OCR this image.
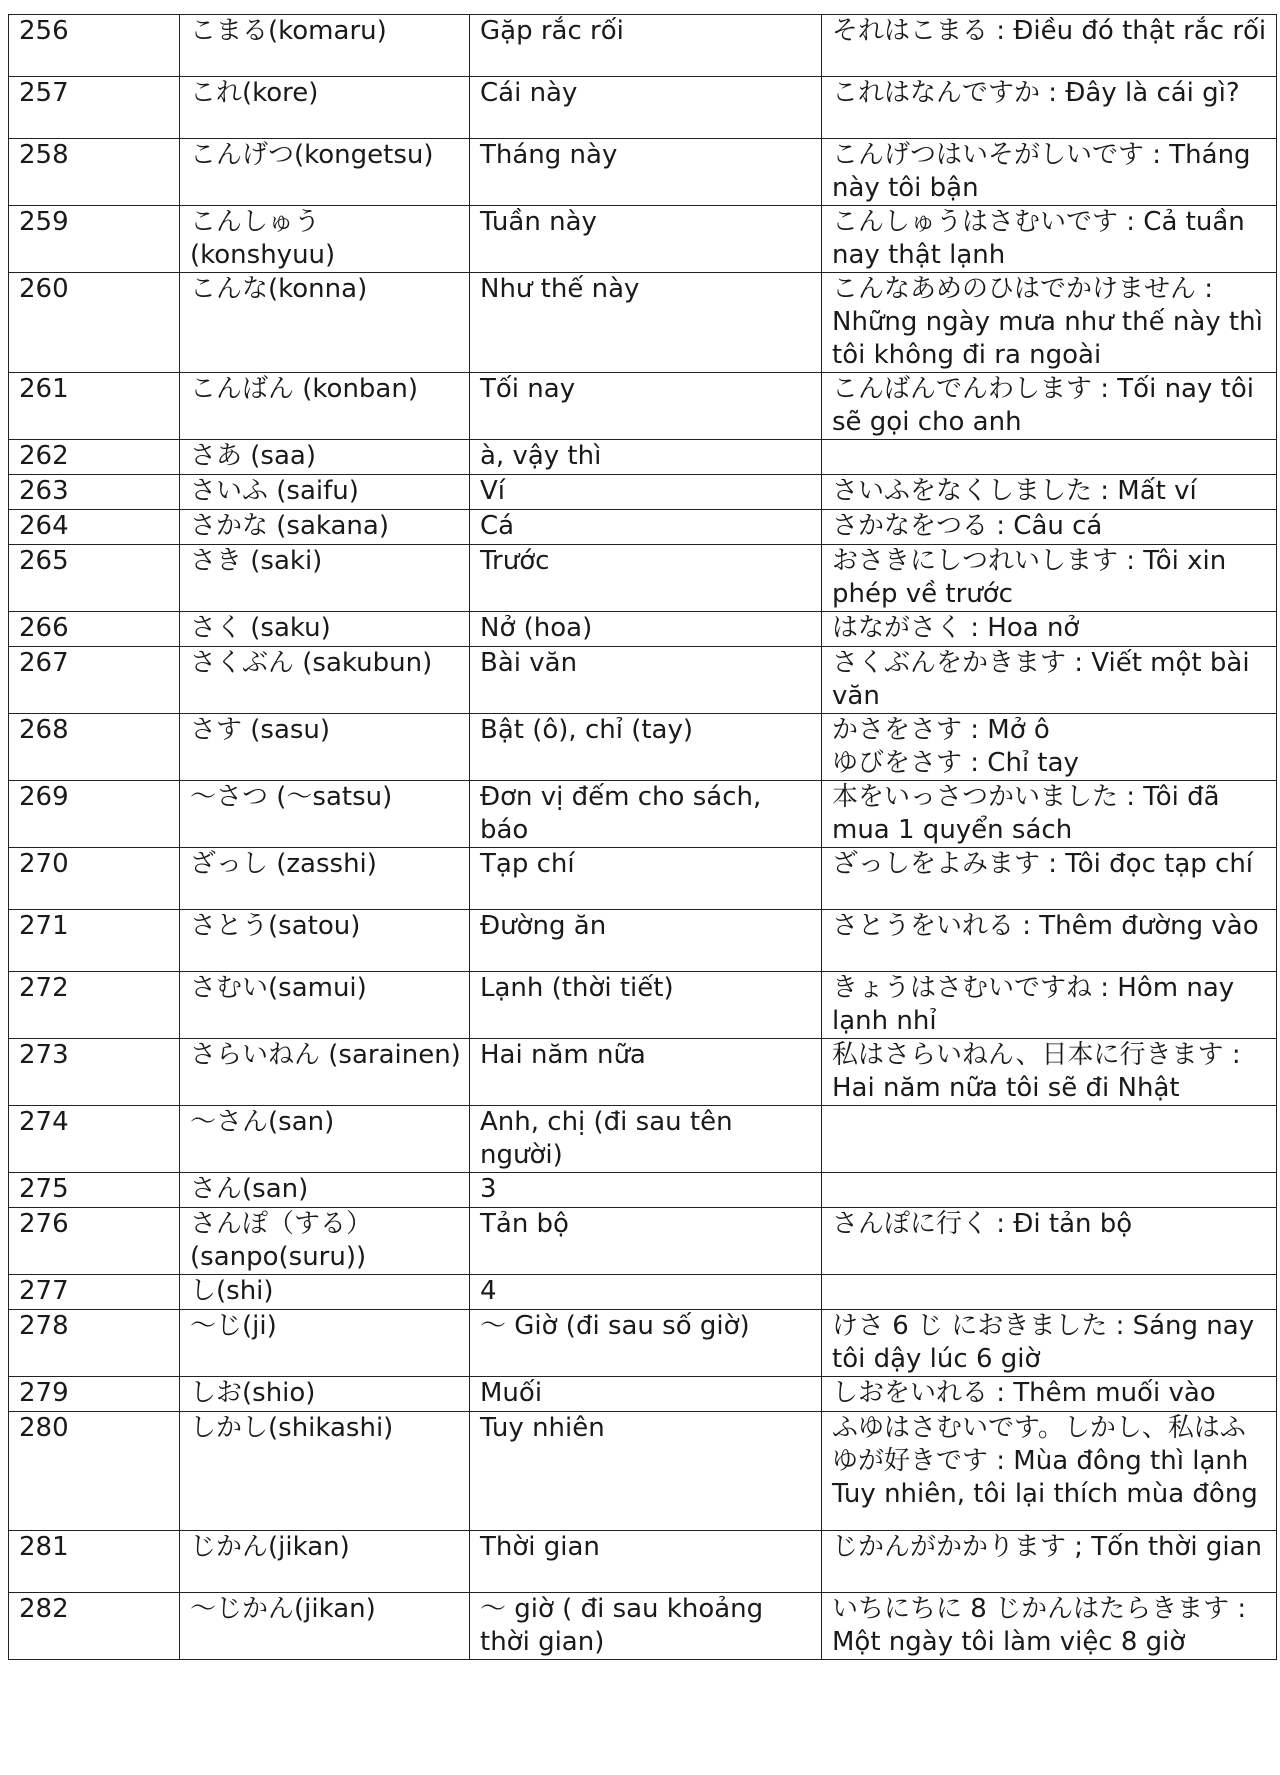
256	こまる(komaru)	Gặp rắc rối	それはこまる : Điều đó thật rắc rối
257	これ(kore)	Cái này	これはなんですか : Đây là cái gì?
258	こんげつ(kongetsu)	Tháng này	こんげつはいそがしいです : Tháng này tôi bận
259	こんしゅう (konshyuu)	Tuần này	こんしゅうはさむいです : Cả tuần nay thật lạnh
260	こんな(konna)	Như thế này	こんなあめのひはでかけません : Những ngày mưa như thế này thì tôi không đi ra ngoài
261	こんばん (konban)	Tối nay	こんばんでんわします : Tối nay tôi sẽ gọi cho anh
262	さあ (saa)	à, vậy thì	
263	さいふ (saifu)	Ví	さいふをなくしました : Mất ví
264	さかな (sakana)	Cá	さかなをつる : Câu cá
265	さき (saki)	Trước	おさきにしつれいします : Tôi xin phép về trước
266	さく (saku)	Nở (hoa)	はながさく : Hoa nở
267	さくぶん (sakubun)	Bài văn	さくぶんをかきます : Viết một bài văn
268	さす (sasu)	Bật (ô), chỉ (tay)	かさをさす : Mở ô
ゆびをさす : Chỉ tay
269	～さつ (～satsu)	Đơn vị đếm cho sách, báo	本をいっさつかいました : Tôi đã mua 1 quyển sách
270	ざっし (zasshi)	Tạp chí	ざっしをよみます : Tôi đọc tạp chí
271	さとう(satou)	Đường ăn	さとうをいれる : Thêm đường vào
272	さむい(samui)	Lạnh (thời tiết)	きょうはさむいですね : Hôm nay lạnh nhỉ
273	さらいねん (sarainen)	Hai năm nữa	私はさらいねん、日本に行きます : Hai năm nữa tôi sẽ đi Nhật
274	～さん(san)	Anh, chị (đi sau tên người)	
275	さん(san)	3	
276	さんぽ（する） (sanpo(suru))	Tản bộ	さんぽに行く : Đi tản bộ
277	し(shi)	4	
278	～じ(ji)	～ Giờ (đi sau số giờ)	けさ 6 じ におきました : Sáng nay tôi dậy lúc 6 giờ
279	しお(shio)	Muối	しおをいれる : Thêm muối vào
280	しかし(shikashi)	Tuy nhiên	ふゆはさむいです。しかし、私はふゆが好きです : Mùa đông thì lạnh Tuy nhiên, tôi lại thích mùa đông
281	じかん(jikan)	Thời gian	じかんがかかります ; Tốn thời gian
282	～じかん(jikan)	～ giờ ( đi sau khoảng thời gian)	いちにちに 8 じかんはたらきます : Một ngày tôi làm việc 8 giờ
